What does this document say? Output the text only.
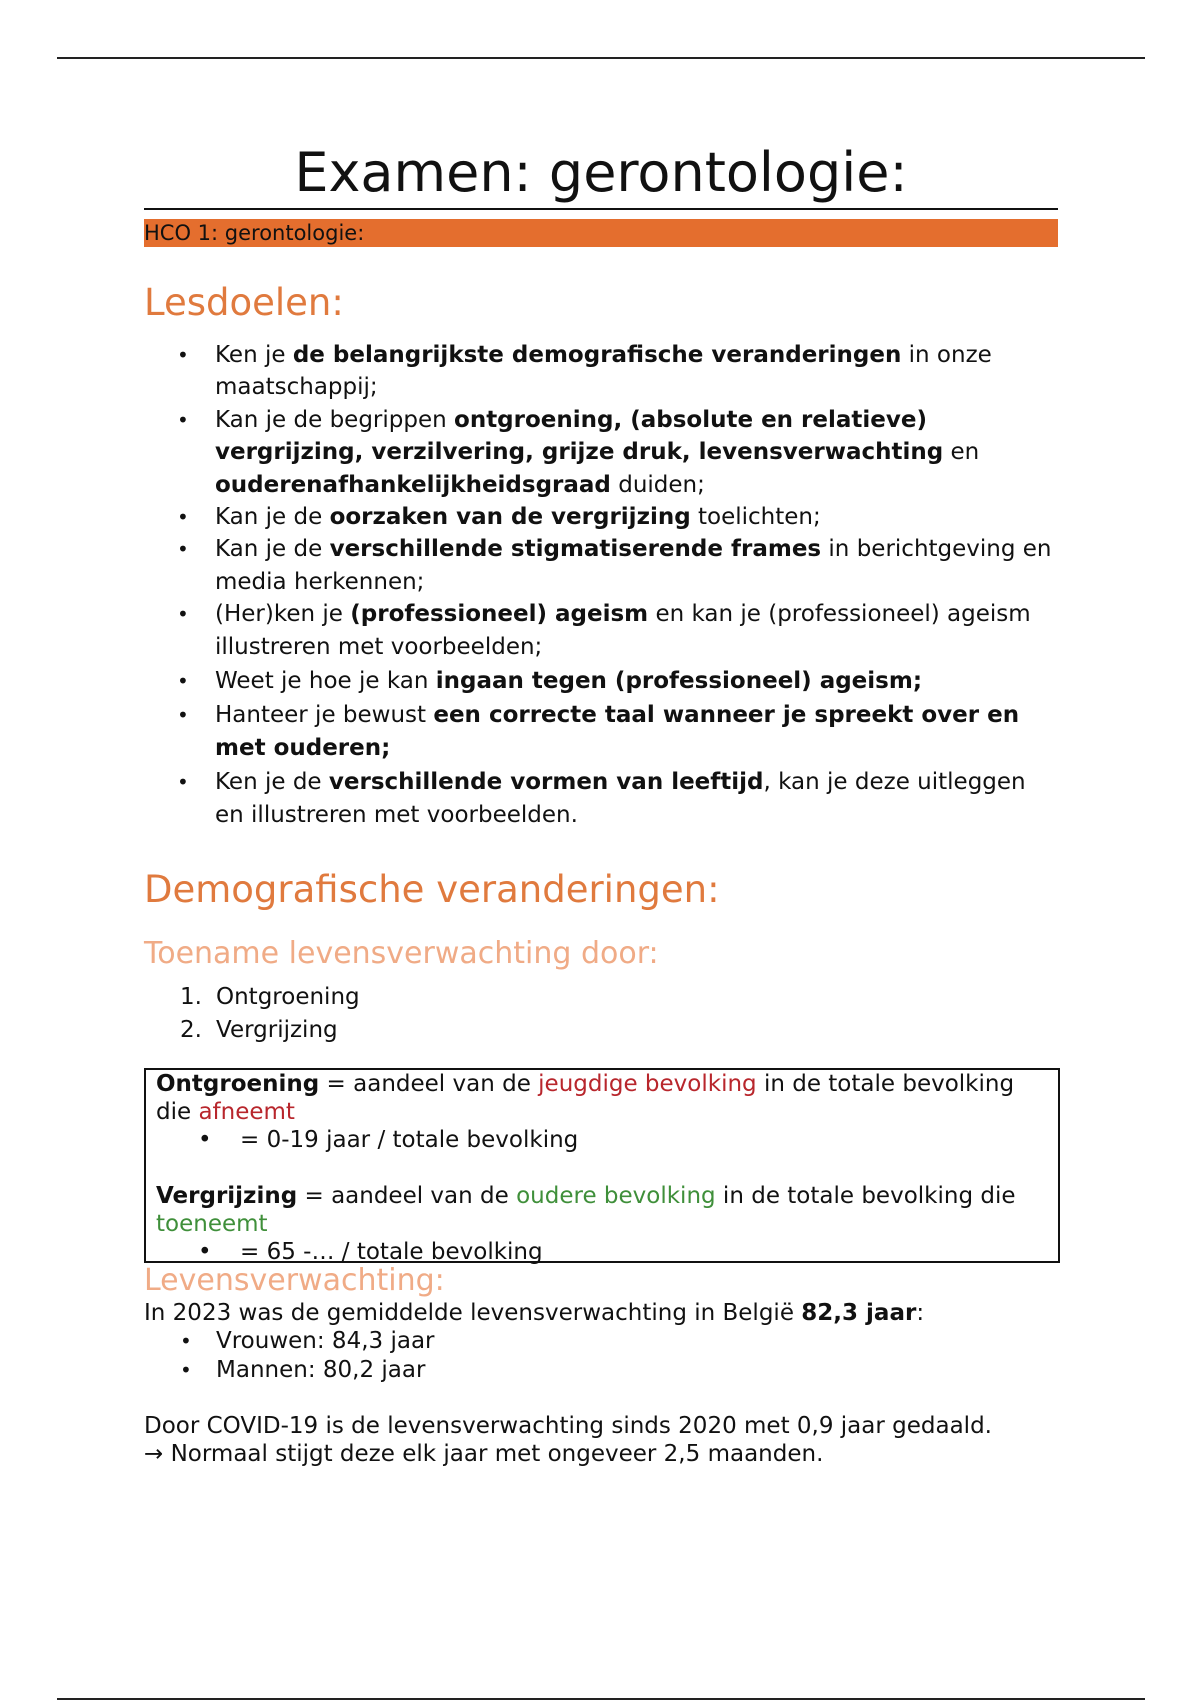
Examen: gerontologie:
HCO 1: gerontologie:
Lesdoelen:
• Ken je de belangrijkste demografische veranderingen in onze maatschappij;
• Kan je de begrippen ontgroening, (absolute en relatieve) vergrijzing, verzilvering, grijze druk, levensverwachting en ouderenafhankelijkheidsgraad duiden;
• Kan je de oorzaken van de vergrijzing toelichten;
• Kan je de verschillende stigmatiserende frames in berichtgeving en media herkennen;
• (Her)ken je (professioneel) ageism en kan je (professioneel) ageism illustreren met voorbeelden;
• Weet je hoe je kan ingaan tegen (professioneel) ageism;
• Hanteer je bewust een correcte taal wanneer je spreekt over en met ouderen;
• Ken je de verschillende vormen van leeftijd, kan je deze uitleggen en illustreren met voorbeelden.
Demografische veranderingen:
Toename levensverwachting door:
1. Ontgroening
2. Vergrijzing

Ontgroening = aandeel van de jeugdige bevolking in de totale bevolking die afneemt

• = 0-19 jaar / totale bevolking

Vergrijzing = aandeel van de oudere bevolking in de totale bevolking die toeneemt

• = 65 -… / totale bevolking

Levensverwachting:

In 2023 was de gemiddelde levensverwachting in België 82,3 jaar:

• Vrouwen: 84,3 jaar
• Mannen: 80,2 jaar

Door COVID-19 is de levensverwachting sinds 2020 met 0,9 jaar gedaald.

→ Normaal stijgt deze elk jaar met ongeveer 2,5 maanden.
